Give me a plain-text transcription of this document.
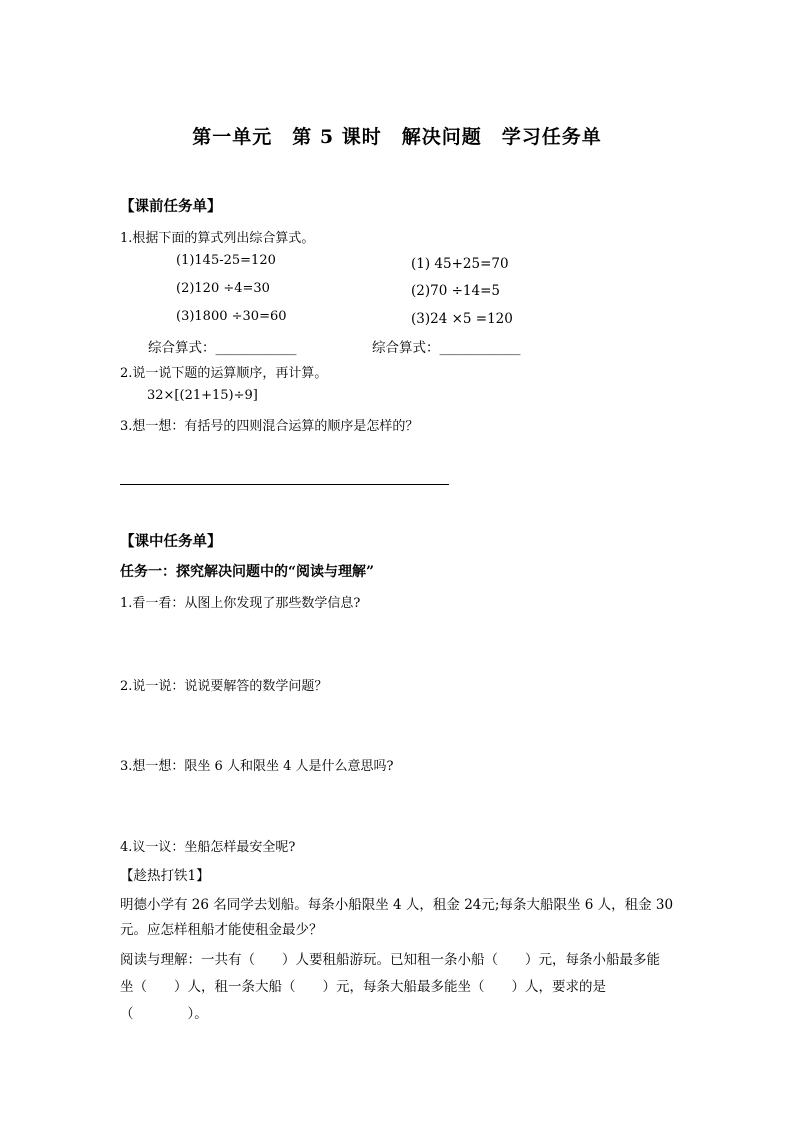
第一单元　第 5 课时　解决问题　学习任务单
【课前任务单】
1.根据下面的算式列出综合算式。
(1)145-25=120
(2)120 ÷4=30
(3)1800 ÷30=60
(1) 45+25=70
(2)70 ÷14=5
(3)24 ×5 =120
综合算式：____________	综合算式：____________
2.说一说下题的运算顺序，再计算。
32×[(21+15)÷9]
3.想一想：有括号的四则混合运算的顺序是怎样的？
【课中任务单】
任务一：探究解决问题中的“阅读与理解”
1.看一看：从图上你发现了那些数学信息?
2.说一说：说说要解答的数学问题？
3.想一想：限坐 6 人和限坐 4 人是什么意思吗?
4.议一议：坐船怎样最安全呢?
【趁热打铁1】
明德小学有 26 名同学去划船。每条小船限坐 4 人，租金 24元;每条大船限坐 6 人，租金 30
元。应怎样租船才能使租金最少？
阅读与理解：一共有（　　）人要租船游玩。已知租一条小船（　　）元，每条小船最多能
坐（　　）人，租一条大船（　　）元，每条大船最多能坐（　　）人，要求的是
（　　　　）。
